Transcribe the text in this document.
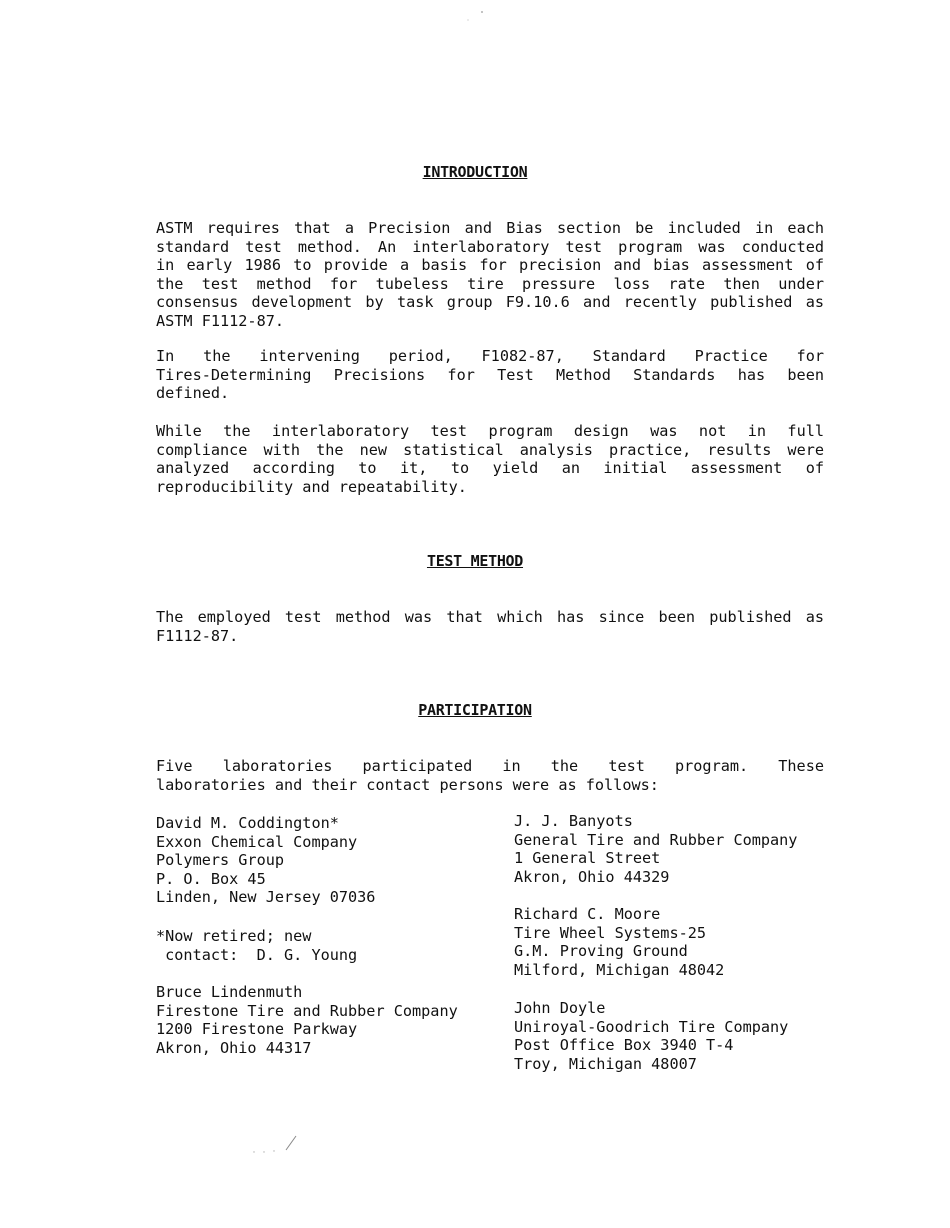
INTRODUCTION
ASTM requires that a Precision and Bias section be included in each
standard test method. An interlaboratory test program was conducted
in early 1986 to provide a basis for precision and bias assessment of
the test method for tubeless tire pressure loss rate then under
consensus development by task group F9.10.6 and recently published as
ASTM F1112-87.
In the intervening period, F1082-87, Standard Practice for
Tires-Determining Precisions for Test Method Standards has been
defined.
While the interlaboratory test program design was not in full
compliance with the new statistical analysis practice, results were
analyzed according to it, to yield an initial assessment of
reproducibility and repeatability.
TEST METHOD
The employed test method was that which has since been published as
F1112-87.
PARTICIPATION
Five laboratories participated in the test program. These
laboratories and their contact persons were as follows:
David M. Coddington*
Exxon Chemical Company
Polymers Group
P. O. Box 45
Linden, New Jersey 07036
*Now retired; new
contact:  D. G. Young
Bruce Lindenmuth
Firestone Tire and Rubber Company
1200 Firestone Parkway
Akron, Ohio 44317
J. J. Banyots
General Tire and Rubber Company
1 General Street
Akron, Ohio 44329
Richard C. Moore
Tire Wheel Systems-25
G.M. Proving Ground
Milford, Michigan 48042
John Doyle
Uniroyal-Goodrich Tire Company
Post Office Box 3940 T-4
Troy, Michigan 48007
